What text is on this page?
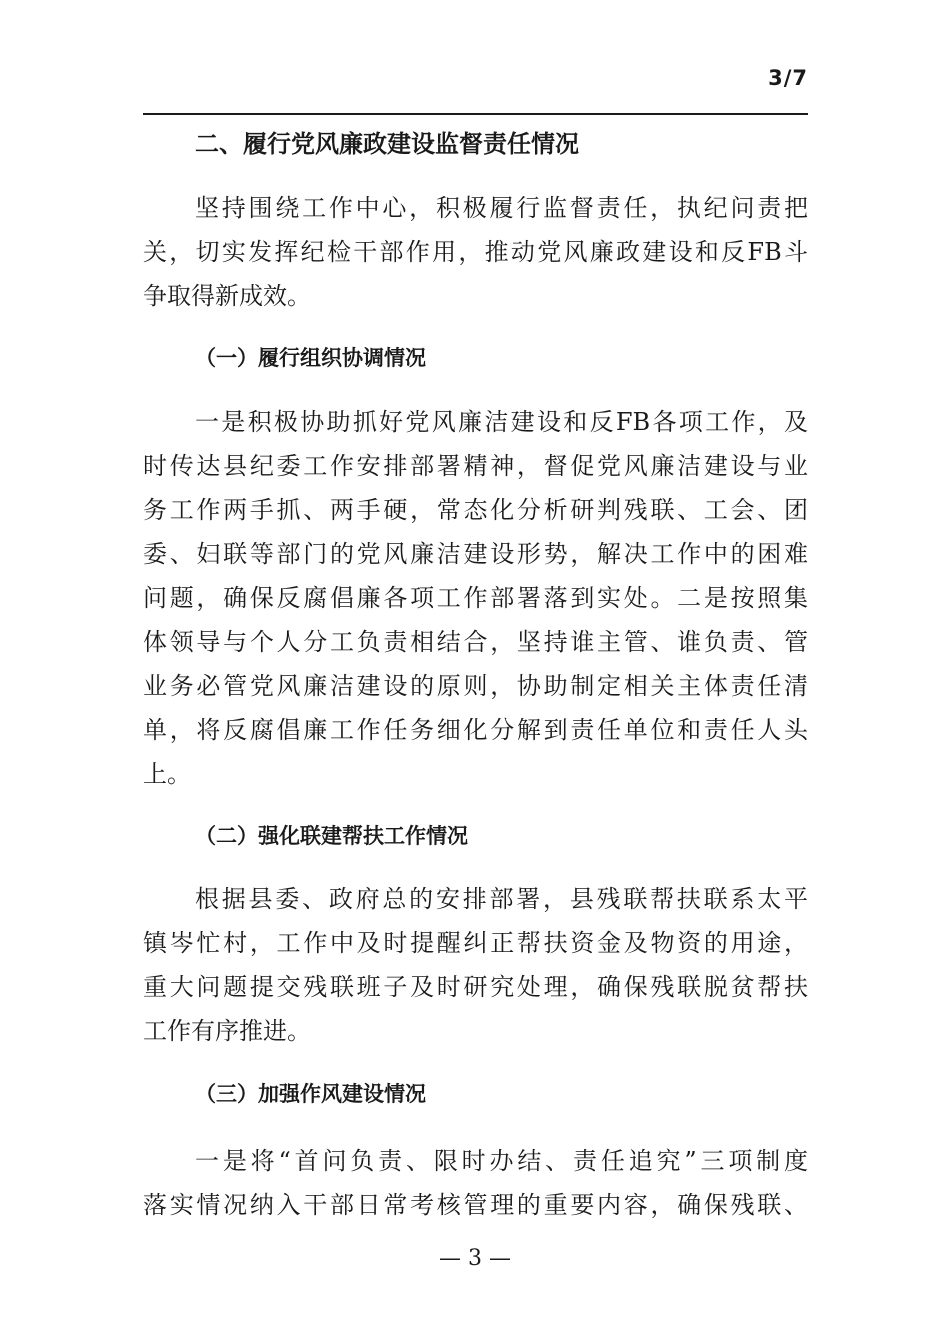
3/7
二、履行党风廉政建设监督责任情况
坚持围绕工作中心，积极履行监督责任，执纪问责把
关，切实发挥纪检干部作用，推动党风廉政建设和反FB斗
争取得新成效。
（一）履行组织协调情况
一是积极协助抓好党风廉洁建设和反FB各项工作，及
时传达县纪委工作安排部署精神，督促党风廉洁建设与业
务工作两手抓、两手硬，常态化分析研判残联、工会、团
委、妇联等部门的党风廉洁建设形势，解决工作中的困难
问题，确保反腐倡廉各项工作部署落到实处。二是按照集
体领导与个人分工负责相结合，坚持谁主管、谁负责、管
业务必管党风廉洁建设的原则，协助制定相关主体责任清
单，将反腐倡廉工作任务细化分解到责任单位和责任人头
上。
（二）强化联建帮扶工作情况
根据县委、政府总的安排部署，县残联帮扶联系太平
镇岑忙村，工作中及时提醒纠正帮扶资金及物资的用途，
重大问题提交残联班子及时研究处理，确保残联脱贫帮扶
工作有序推进。
（三）加强作风建设情况
一是将“首问负责、限时办结、责任追究”三项制度
落实情况纳入干部日常考核管理的重要内容，确保残联、
— 3 —
